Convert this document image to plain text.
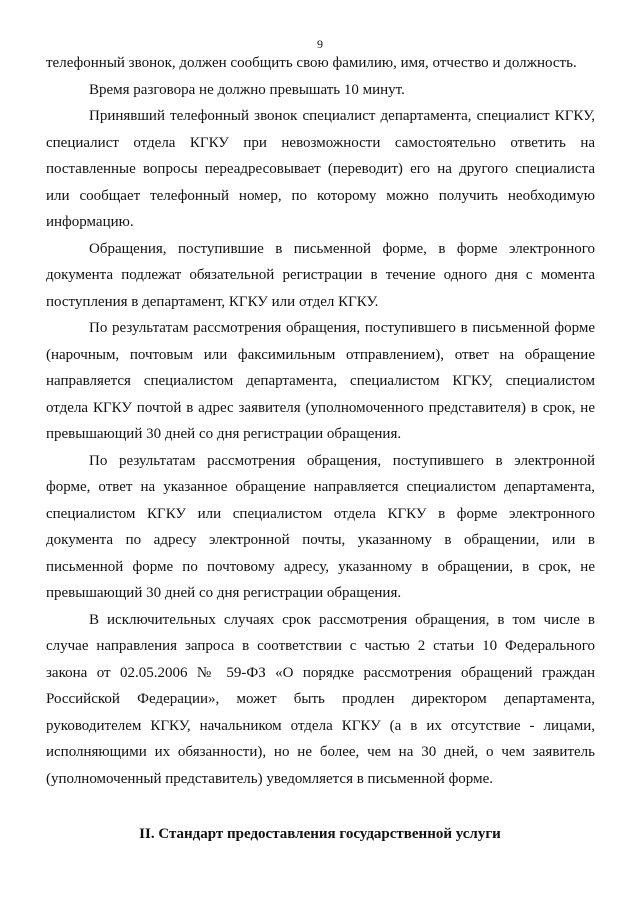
9

телефонный звонок, должен сообщить свою фамилию, имя, отчество и должность.

Время разговора не должно превышать 10 минут.

Принявший телефонный звонок специалист департамента, специалист КГКУ, специалист отдела КГКУ при невозможности самостоятельно ответить на поставленные вопросы переадресовывает (переводит) его на другого специалиста или сообщает телефонный номер, по которому можно получить необходимую информацию.

Обращения, поступившие в письменной форме, в форме электронного документа подлежат обязательной регистрации в течение одного дня с момента поступления в департамент, КГКУ или отдел КГКУ.

По результатам рассмотрения обращения, поступившего в письменной форме (нарочным, почтовым или факсимильным отправлением), ответ на обращение направляется специалистом департамента, специалистом КГКУ, специалистом отдела КГКУ почтой в адрес заявителя (уполномоченного представителя) в срок, не превышающий 30 дней со дня регистрации обращения.

По результатам рассмотрения обращения, поступившего в электронной форме, ответ на указанное обращение направляется специалистом департамента, специалистом КГКУ или специалистом отдела КГКУ в форме электронного документа по адресу электронной почты, указанному в обращении, или в письменной форме по почтовому адресу, указанному в обращении, в срок, не превышающий 30 дней со дня регистрации обращения.

В исключительных случаях срок рассмотрения обращения, в том числе в случае направления запроса в соответствии с частью 2 статьи 10 Федерального закона от 02.05.2006 № 59-ФЗ «О порядке рассмотрения обращений граждан Российской Федерации», может быть продлен директором департамента, руководителем КГКУ, начальником отдела КГКУ (а в их отсутствие - лицами, исполняющими их обязанности), но не более, чем на 30 дней, о чем заявитель (уполномоченный представитель) уведомляется в письменной форме.

II. Стандарт предоставления государственной услуги
